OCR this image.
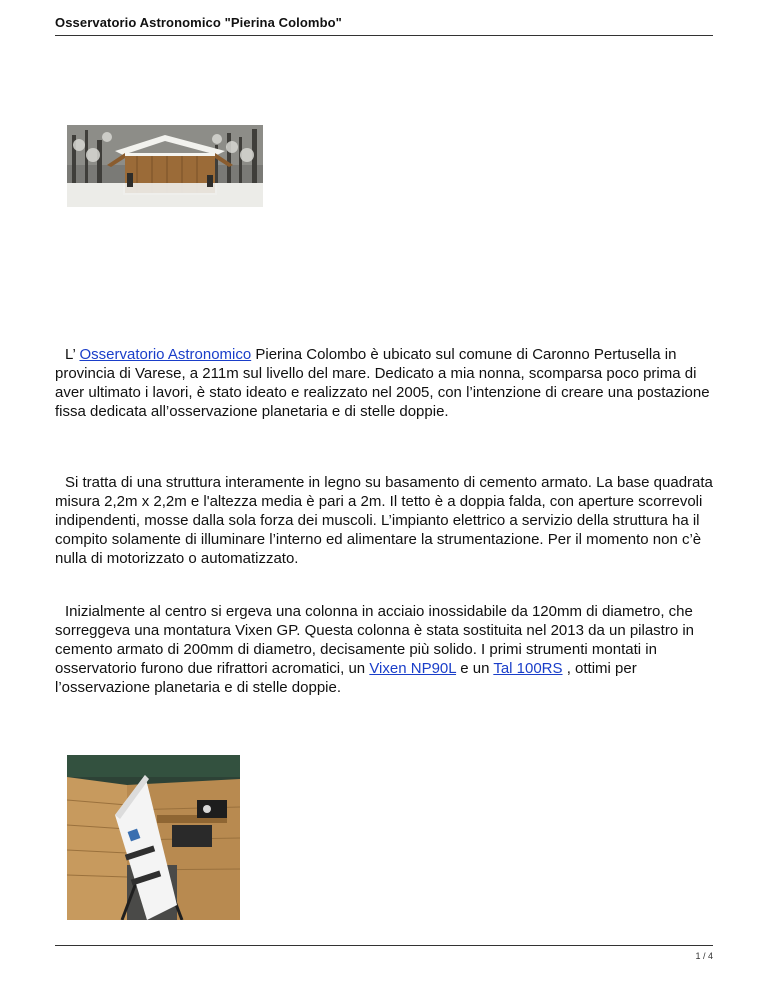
Osservatorio Astronomico "Pierina Colombo"

L’ Osservatorio Astronomico Pierina Colombo è ubicato sul comune di Caronno Pertusella in provincia di Varese, a 211m sul livello del mare. Dedicato a mia nonna, scomparsa poco prima di aver ultimato i lavori, è stato ideato e realizzato nel 2005, con l’intenzione di creare una postazione fissa dedicata all’osservazione planetaria e di stelle doppie.

Si tratta di una struttura interamente in legno su basamento di cemento armato. La base quadrata misura 2,2m x 2,2m e l'altezza media è pari a 2m. Il tetto è a doppia falda, con aperture scorrevoli indipendenti, mosse dalla sola forza dei muscoli. L’impianto elettrico a servizio della struttura ha il compito solamente di illuminare l’interno ed alimentare la strumentazione. Per il momento non c’è nulla di motorizzato o automatizzato.

Inizialmente al centro si ergeva una colonna in acciaio inossidabile da 120mm di diametro, che sorreggeva una montatura Vixen GP. Questa colonna è stata sostituita nel 2013 da un pilastro in cemento armato di 200mm di diametro, decisamente più solido. I primi strumenti montati in osservatorio furono due rifrattori acromatici, un Vixen NP90L e un Tal 100RS , ottimi per l’osservazione planetaria e di stelle doppie.

1 / 4
